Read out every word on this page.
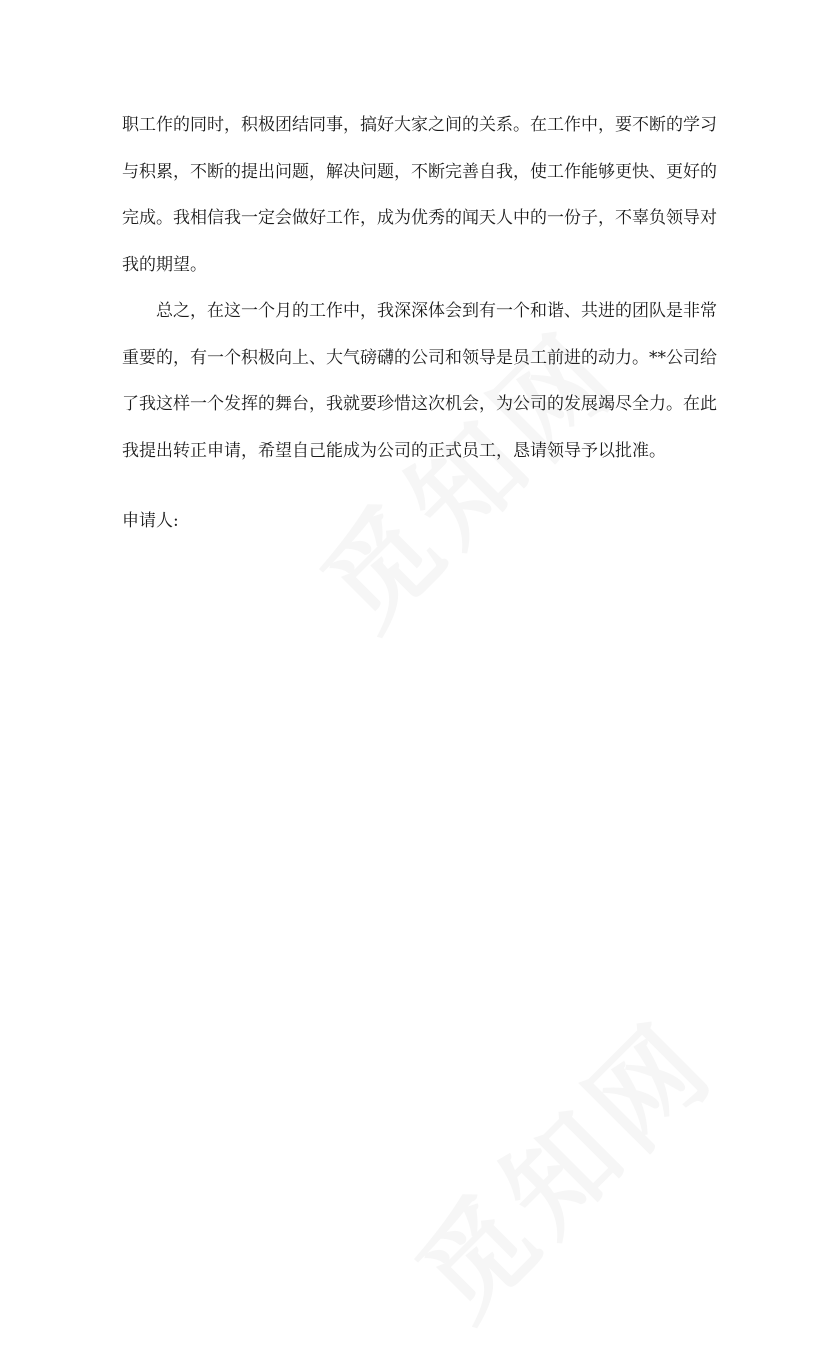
职工作的同时，积极团结同事，搞好大家之间的关系。在工作中，要不断的学习
与积累，不断的提出问题，解决问题，不断完善自我，使工作能够更快、更好的
完成。我相信我一定会做好工作，成为优秀的闻天人中的一份子，不辜负领导对
我的期望。
　　总之，在这一个月的工作中，我深深体会到有一个和谐、共进的团队是非常
重要的，有一个积极向上、大气磅礴的公司和领导是员工前进的动力。**公司给
了我这样一个发挥的舞台，我就要珍惜这次机会，为公司的发展竭尽全力。在此
我提出转正申请，希望自己能成为公司的正式员工，恳请领导予以批准。
申请人:
